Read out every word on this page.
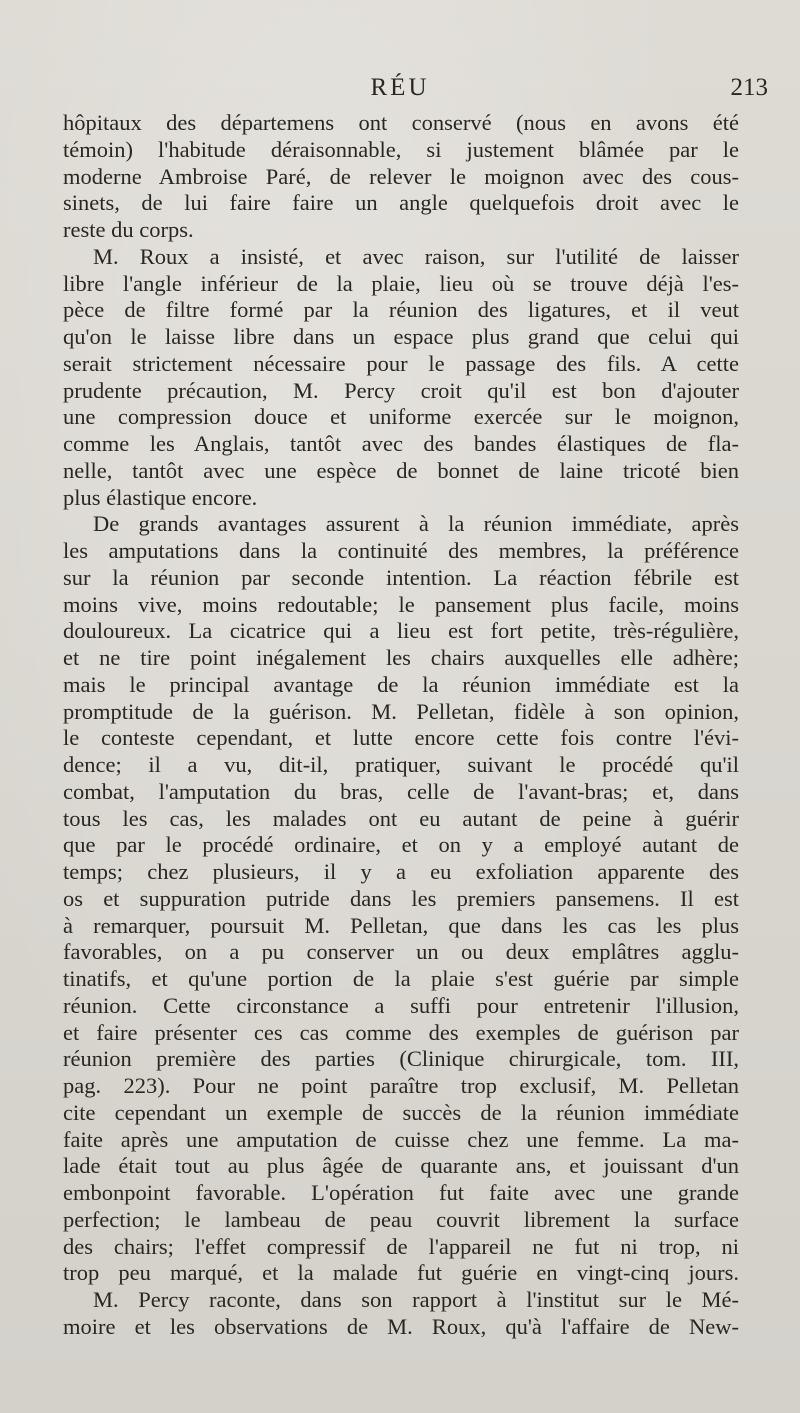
RÉU	213
hôpitaux des départemens ont conservé (nous en avons été
témoin) l'habitude déraisonnable, si justement blâmée par le
moderne Ambroise Paré, de relever le moignon avec des cous-
sinets, de lui faire faire un angle quelquefois droit avec le
reste du corps.
M. Roux a insisté, et avec raison, sur l'utilité de laisser
libre l'angle inférieur de la plaie, lieu où se trouve déjà l'es-
pèce de filtre formé par la réunion des ligatures, et il veut
qu'on le laisse libre dans un espace plus grand que celui qui
serait strictement nécessaire pour le passage des fils. A cette
prudente précaution, M. Percy croit qu'il est bon d'ajouter
une compression douce et uniforme exercée sur le moignon,
comme les Anglais, tantôt avec des bandes élastiques de fla-
nelle, tantôt avec une espèce de bonnet de laine tricoté bien
plus élastique encore.
De grands avantages assurent à la réunion immédiate, après
les amputations dans la continuité des membres, la préférence
sur la réunion par seconde intention. La réaction fébrile est
moins vive, moins redoutable; le pansement plus facile, moins
douloureux. La cicatrice qui a lieu est fort petite, très-régulière,
et ne tire point inégalement les chairs auxquelles elle adhère;
mais le principal avantage de la réunion immédiate est la
promptitude de la guérison. M. Pelletan, fidèle à son opinion,
le conteste cependant, et lutte encore cette fois contre l'évi-
dence; il a vu, dit-il, pratiquer, suivant le procédé qu'il
combat, l'amputation du bras, celle de l'avant-bras; et, dans
tous les cas, les malades ont eu autant de peine à guérir
que par le procédé ordinaire, et on y a employé autant de
temps; chez plusieurs, il y a eu exfoliation apparente des
os et suppuration putride dans les premiers pansemens. Il est
à remarquer, poursuit M. Pelletan, que dans les cas les plus
favorables, on a pu conserver un ou deux emplâtres agglu-
tinatifs, et qu'une portion de la plaie s'est guérie par simple
réunion. Cette circonstance a suffi pour entretenir l'illusion,
et faire présenter ces cas comme des exemples de guérison par
réunion première des parties (Clinique chirurgicale, tom. III,
pag. 223). Pour ne point paraître trop exclusif, M. Pelletan
cite cependant un exemple de succès de la réunion immédiate
faite après une amputation de cuisse chez une femme. La ma-
lade était tout au plus âgée de quarante ans, et jouissant d'un
embonpoint favorable. L'opération fut faite avec une grande
perfection; le lambeau de peau couvrit librement la surface
des chairs; l'effet compressif de l'appareil ne fut ni trop, ni
trop peu marqué, et la malade fut guérie en vingt-cinq jours.
M. Percy raconte, dans son rapport à l'institut sur le Mé-
moire et les observations de M. Roux, qu'à l'affaire de New-
